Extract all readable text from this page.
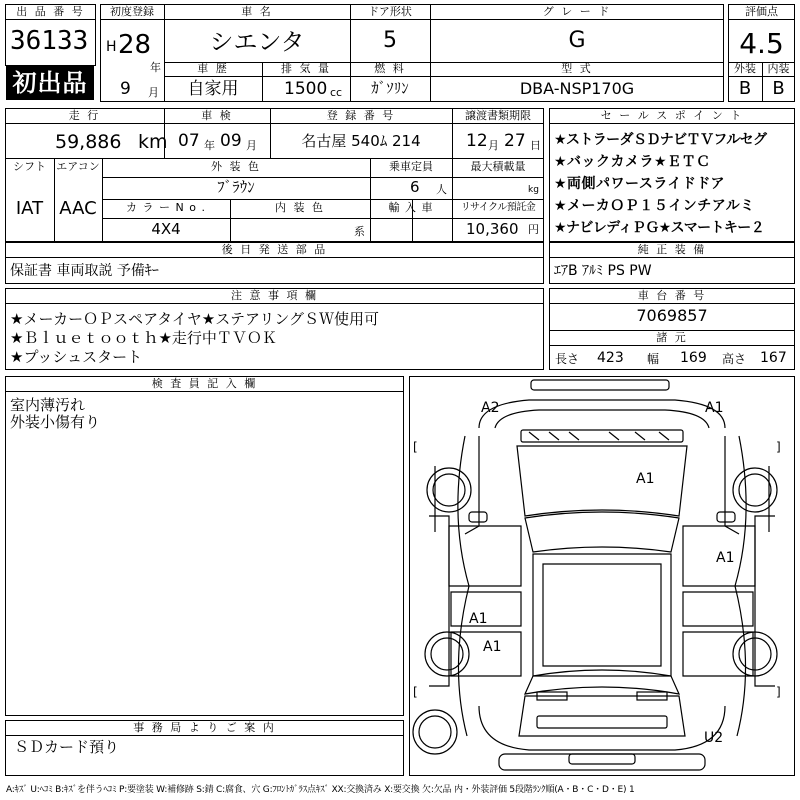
出 品 番 号
36133
初出品
初度登録
H 28
年
9 月
車 名
シエンタ
車 歴
自家用
排 気 量
1500 cc
ドア形状
5
燃 料
ｶﾞｿﾘﾝ
グ レ ー ド
G
型 式
DBA-NSP170G
評価点
4.5
外装	内装
B	B
走 行
59,886 km
車 検
07 年 09 月
登 録 番 号
名古屋 540ﾑ 214
譲渡書類期限
12 月 27 日
シフト
IAT
エアコン
AAC
外 装 色
ﾌﾞﾗｳﾝ
カ ラ ー N o .
4X4
内 装 色
系
乗車定員
6 人
最大積載量
kg
輸 入 車	リサイクル預託金
10,360 円
後 日 発 送 部 品
保証書 車両取説 予備ｷｰ
セ ー ル ス ポ イ ン ト
★ストラーダＳＤナビＴＶフルセグ
★バックカメラ★ＥＴＣ
★両側パワースライドドア
★メーカＯＰ１５インチアルミ
★ナビレディＰＧ★スマートキー２
純 正 装 備
ｴｱB ｱﾙﾐ PS PW
注 意 事 項 欄
★メーカーＯＰスペアタイヤ★ステアリングＳＷ使用可
★Ｂｌｕｅｔｏｏｔｈ★走行中ＴＶＯＫ
★プッシュスタート
車 台 番 号
7069857
諸 元
長さ 423 幅 169 高さ 167
検 査 員 記 入 欄
室内薄汚れ
外装小傷有り
事 務 局 よ り ご 案 内
ＳＤカード預り
A2	A1
A1
A1
A1
A1
U2
[	]
[	]
A:ｷｽﾞ U:ﾍｺﾐ B:ｷｽﾞを伴うﾍｺﾐ P:要塗装 W:補修跡 S:錆 C:腐食、穴 G:ﾌﾛﾝﾄｶﾞﾗｽ点ｷｽﾞ XX:交換済み X:要交換 欠:欠品 内・外装評価 5段階ﾗﾝｸ順(A・B・C・D・E) 1
